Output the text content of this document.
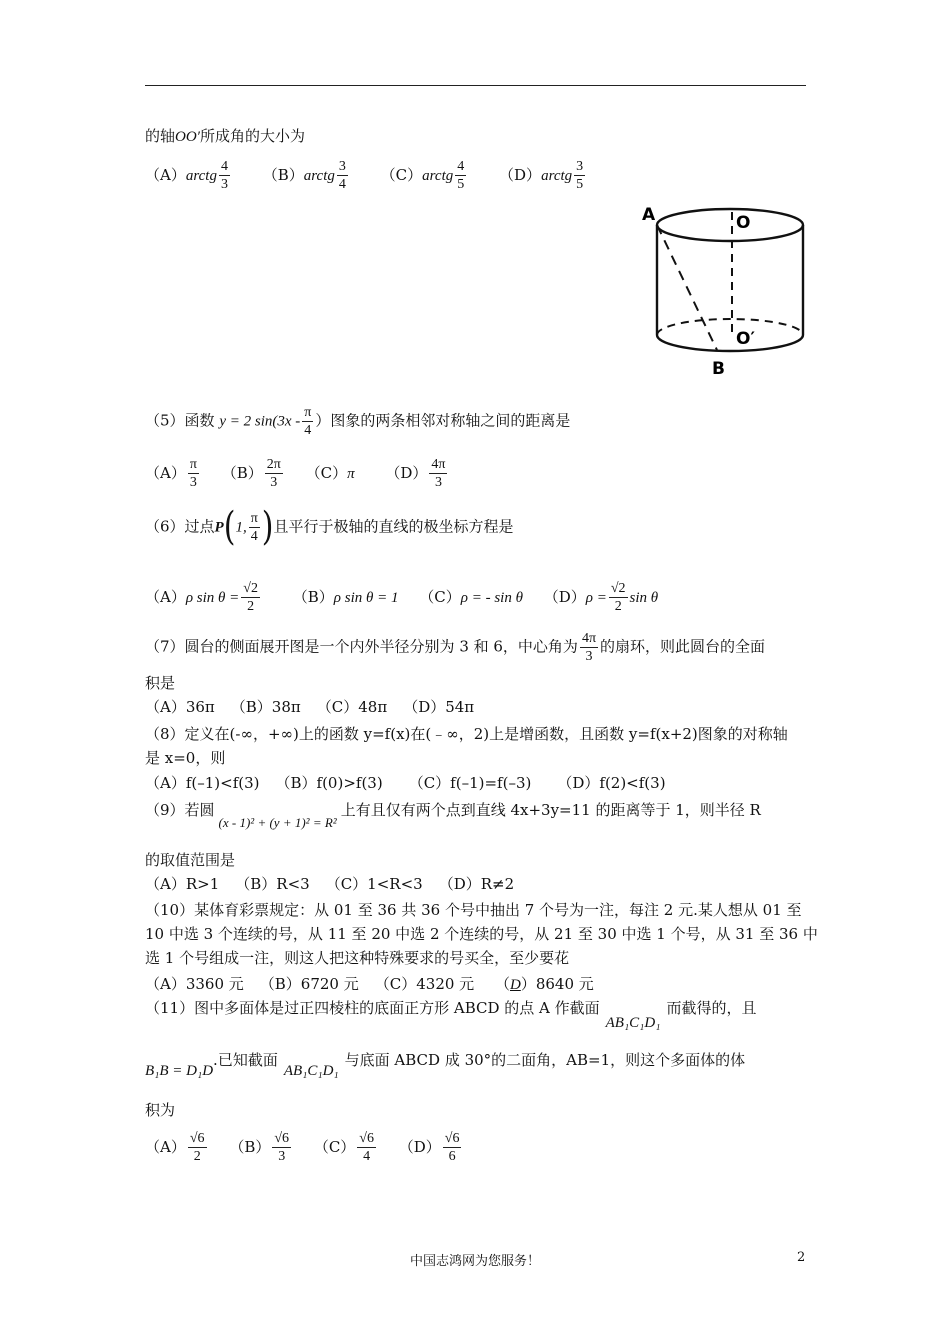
的轴OO′所成角的大小为
（A）arctg $\frac{4}{3}$ （B）arctg $\frac{3}{4}$ （C）arctg $\frac{4}{5}$ （D）arctg $\frac{3}{5}$
A	O
O′
B
（5）函数 y = 2 $\sin(3x - \frac{\pi}{4}$ ）图象的两条相邻对称轴之间的距离是
$(A) \frac{\pi}{3} (B) \frac{2\pi}{3} (C)\pi$ $(D) \frac{4\pi}{3}$
（6）过点P(1, $\frac{\pi}{4}$ )且平行于极轴的直线的极坐标方程是
（A）ρ $\sin \theta = \frac{√2}{2} (B)\rho$ sin θ = 1 （C）ρ = - sin θ $(D)\rho = \frac{√2}{2}$ sin θ
（7）圆台的侧面展开图是一个内外半径分别为 3 和 6，中心角为 $\frac{4\pi}{3}$ 的扇环，则此圆台的全面
积是
（A）36π （B）38π （C）48π （D）54π
（8）定义在(-∞，+∞)上的函数 y=f(x)在(﹣∞，2)上是增函数，且函数 y=f(x+2)图象的对称轴
是 x=0，则
（A）f(–1)<f(3) （B）f(0)>f(3) （C）f(–1)=f(–3) （D）f(2)<f(3)
（9）若圆(x - 1)² + (y + 1)² = R²上有且仅有两个点到直线 4x+3y=11 的距离等于 1，则半径 R
的取值范围是
（A）R>1 （B）R<3 （C）1<R<3 （D）R≠2
（10）某体育彩票规定：从 01 至 36 共 36 个号中抽出 7 个号为一注，每注 2 元.某人想从 01 至
10 中选 3 个连续的号，从 11 至 20 中选 2 个连续的号，从 21 至 30 中选 1 个号，从 31 至 36 中
选 1 个号组成一注，则这人把这种特殊要求的号买全，至少要花
（A）3360 元 （B）6720 元 （C）4320 元 （D）8640 元
（11）图中多面体是过正四棱柱的底面正方形 ABCD 的点 A 作截面AB₁C₁D₁而截得的，且
B₁B = D₁D.已知截面AB₁C₁D₁与底面 ABCD 成 30°的二面角，AB=1，则这个多面体的体
积为
$(A) \frac{√6}{2} (B) \frac{√6}{3} (C) \frac{√6}{4} (D) \frac{√6}{6}$
中国志鸿网为您服务！	2
